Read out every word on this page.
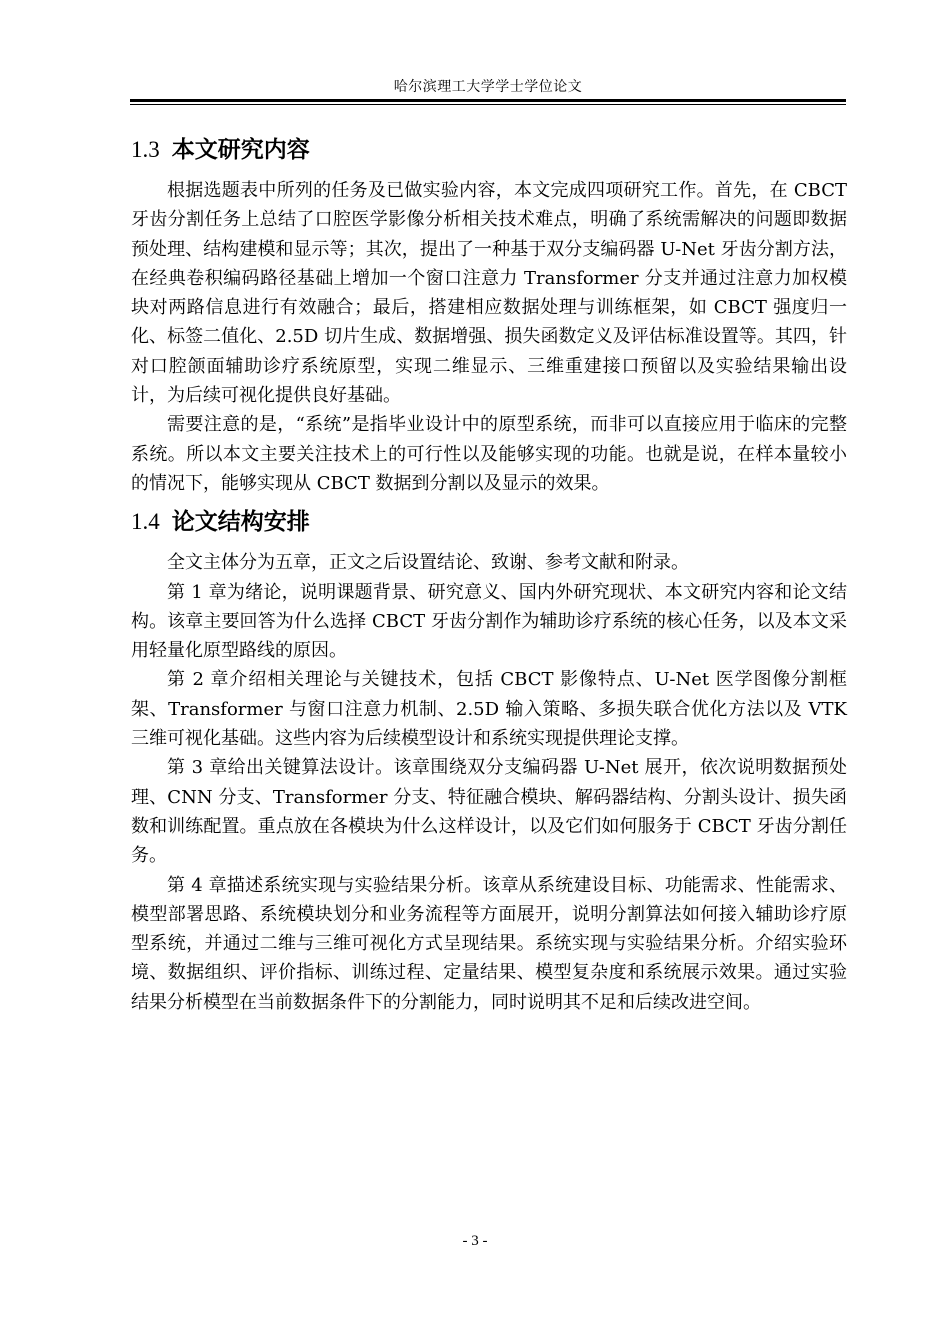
哈尔滨理工大学学士学位论文
1.3 本文研究内容

根据选题表中所列的任务及已做实验内容，本文完成四项研究工作。首先，在 CBCT 牙齿分割任务上总结了口腔医学影像分析相关技术难点，明确了系统需解决的问题即数据预处理、结构建模和显示等；其次，提出了一种基于双分支编码器 U-Net 牙齿分割方法，在经典卷积编码路径基础上增加一个窗口注意力 Transformer 分支并通过注意力加权模块对两路信息进行有效融合；最后，搭建相应数据处理与训练框架，如 CBCT 强度归一化、标签二值化、2.5D 切片生成、数据增强、损失函数定义及评估标准设置等。其四，针对口腔颌面辅助诊疗系统原型，实现二维显示、三维重建接口预留以及实验结果输出设计，为后续可视化提供良好基础。

需要注意的是，“系统”是指毕业设计中的原型系统，而非可以直接应用于临床的完整系统。所以本文主要关注技术上的可行性以及能够实现的功能。也就是说，在样本量较小的情况下，能够实现从 CBCT 数据到分割以及显示的效果。

1.4 论文结构安排

全文主体分为五章，正文之后设置结论、致谢、参考文献和附录。

第 1 章为绪论，说明课题背景、研究意义、国内外研究现状、本文研究内容和论文结构。该章主要回答为什么选择 CBCT 牙齿分割作为辅助诊疗系统的核心任务，以及本文采用轻量化原型路线的原因。

第 2 章介绍相关理论与关键技术，包括 CBCT 影像特点、U-Net 医学图像分割框架、Transformer 与窗口注意力机制、2.5D 输入策略、多损失联合优化方法以及 VTK 三维可视化基础。这些内容为后续模型设计和系统实现提供理论支撑。

第 3 章给出关键算法设计。该章围绕双分支编码器 U-Net 展开，依次说明数据预处理、CNN 分支、Transformer 分支、特征融合模块、解码器结构、分割头设计、损失函数和训练配置。重点放在各模块为什么这样设计，以及它们如何服务于 CBCT 牙齿分割任务。

第 4 章描述系统实现与实验结果分析。该章从系统建设目标、功能需求、性能需求、模型部署思路、系统模块划分和业务流程等方面展开，说明分割算法如何接入辅助诊疗原型系统，并通过二维与三维可视化方式呈现结果。系统实现与实验结果分析。介绍实验环境、数据组织、评价指标、训练过程、定量结果、模型复杂度和系统展示效果。通过实验结果分析模型在当前数据条件下的分割能力，同时说明其不足和后续改进空间。

- 3 -
